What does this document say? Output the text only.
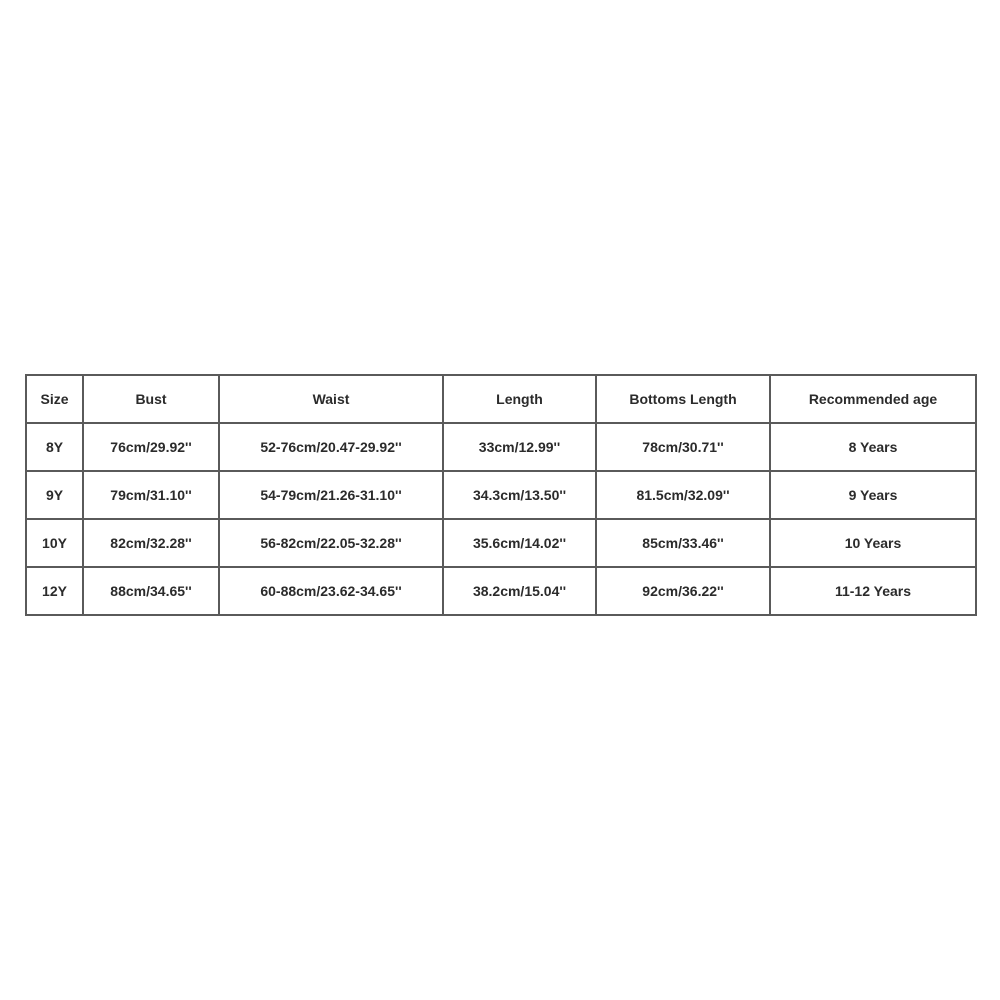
Size	Bust	Waist	Length	Bottoms Length	Recommended age
8Y	76cm/29.92''	52-76cm/20.47-29.92''	33cm/12.99''	78cm/30.71''	8 Years
9Y	79cm/31.10''	54-79cm/21.26-31.10''	34.3cm/13.50''	81.5cm/32.09''	9 Years
10Y	82cm/32.28''	56-82cm/22.05-32.28''	35.6cm/14.02''	85cm/33.46''	10 Years
12Y	88cm/34.65''	60-88cm/23.62-34.65''	38.2cm/15.04''	92cm/36.22''	11-12 Years
